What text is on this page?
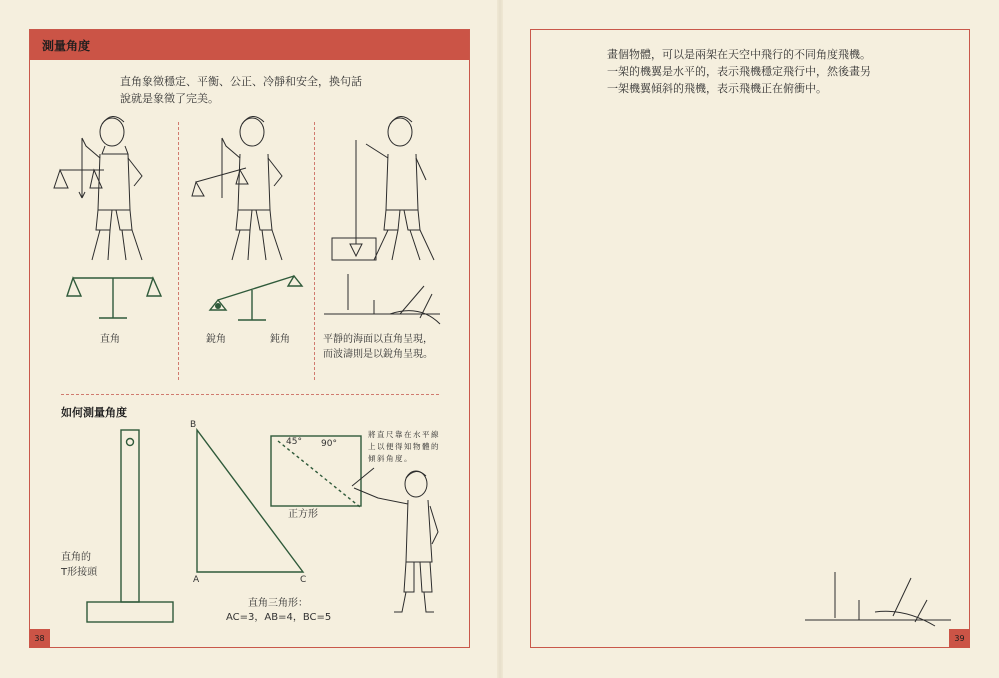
測量角度
直角象徵穩定、平衡、公正、冷靜和安全，換句話
說就是象徵了完美。
直角	銳角	鈍角	平靜的海面以直角呈現，
而波濤則是以銳角呈現。
如何測量角度
直角的
T形接頭
B
A	C
直角三角形：
AC=3，AB=4，BC=5
45° 90°
正方形
將直尺靠在水平線
上以便得知物體的
傾斜角度。
38
畫個物體，可以是兩架在天空中飛行的不同角度飛機。
一架的機翼是水平的，表示飛機穩定飛行中，然後畫另
一架機翼傾斜的飛機，表示飛機正在俯衝中。
39
